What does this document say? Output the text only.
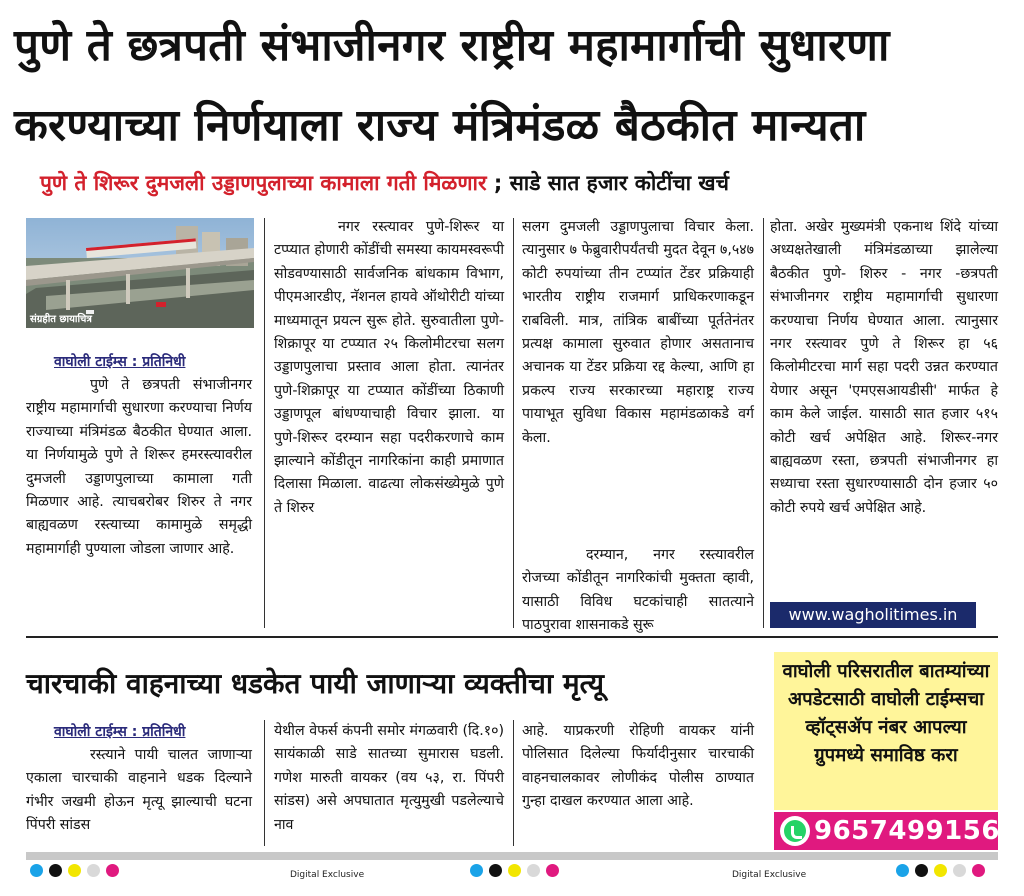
पुणे ते छत्रपती संभाजीनगर राष्ट्रीय महामार्गाची सुधारणा
करण्याच्या निर्णयाला राज्य मंत्रिमंडळ बैठकीत मान्यता
पुणे ते शिरूर दुमजली उड्डाणपुलाच्या कामाला गती मिळणार ; साडे सात हजार कोटींचा खर्च
संग्रहीत छायाचित्र
वाघोली टाईम्स : प्रतिनिधी
पुणे ते छत्रपती संभाजीनगर राष्ट्रीय महामार्गाची सुधारणा करण्याचा निर्णय राज्याच्या मंत्रिमंडळ बैठकीत घेण्यात आला. या निर्णयामुळे पुणे ते शिरूर हमरस्त्यावरील दुमजली उड्डाणपुलाच्या कामाला गती मिळणार आहे. त्याचबरोबर शिरुर ते नगर बाह्यवळण रस्त्याच्या कामामुळे समृद्धी महामार्गाही पुण्याला जोडला जाणार आहे.
नगर रस्त्यावर पुणे-शिरूर या टप्प्यात होणारी कोंडींची समस्या कायमस्वरूपी सोडवण्यासाठी सार्वजनिक बांधकाम विभाग, पीएमआरडीए, नॅशनल हायवे ऑथोरीटी यांच्या माध्यमातून प्रयत्न सुरू होते. सुरुवातीला पुणे-शिक्रापूर या टप्प्यात २५ किलोमीटरचा सलग उड्डाणपुलाचा प्रस्ताव आला होता. त्यानंतर पुणे-शिक्रापूर या टप्प्यात कोंडींच्या ठिकाणी उड्डाणपूल बांधण्याचाही विचार झाला. या पुणे-शिरूर दरम्यान सहा पदरीकरणाचे काम झाल्याने कोंडीतून नागरिकांना काही प्रमाणात दिलासा मिळाला. वाढत्या लोकसंख्येमुळे पुणे ते शिरुर
सलग दुमजली उड्डाणपुलाचा विचार केला. त्यानुसार ७ फेब्रुवारीपर्यंतची मुदत देवून ७,५४७ कोटी रुपयांच्या तीन टप्प्यांत टेंडर प्रक्रियाही भारतीय राष्ट्रीय राजमार्ग प्राधिकरणाकडून राबविली. मात्र, तांत्रिक बाबींच्या पूर्ततेनंतर प्रत्यक्ष कामाला सुरुवात होणार असतानाच अचानक या टेंडर प्रक्रिया रद्द केल्या, आणि हा प्रकल्प राज्य सरकारच्या महाराष्ट्र राज्य पायाभूत सुविधा विकास महामंडळाकडे वर्ग केला.
दरम्यान, नगर रस्त्यावरील रोजच्या कोंडीतून नागरिकांची मुक्तता व्हावी, यासाठी विविध घटकांचाही सातत्याने पाठपुरावा शासनाकडे सुरू
होता. अखेर मुख्यमंत्री एकनाथ शिंदे यांच्या अध्यक्षतेखाली मंत्रिमंडळाच्या झालेल्या बैठकीत पुणे- शिरुर - नगर -छत्रपती संभाजीनगर राष्ट्रीय महामार्गाची सुधारणा करण्याचा निर्णय घेण्यात आला. त्यानुसार नगर रस्त्यावर पुणे ते शिरूर हा ५६ किलोमीटरचा मार्ग सहा पदरी उन्नत करण्यात येणार असून 'एमएसआयडीसी' मार्फत हे काम केले जाईल. यासाठी सात हजार ५१५ कोटी खर्च अपेक्षित आहे. शिरूर-नगर बाह्यवळण रस्ता, छत्रपती संभाजीनगर हा सध्याचा रस्ता सुधारण्यासाठी दोन हजार ५० कोटी रुपये खर्च अपेक्षित आहे.
www.wagholitimes.in
चारचाकी वाहनाच्या धडकेत पायी जाणाऱ्या व्यक्तीचा मृत्यू
वाघोली टाईम्स : प्रतिनिधी
रस्त्याने पायी चालत जाणाऱ्या एकाला चारचाकी वाहनाने धडक दिल्याने गंभीर जखमी होऊन मृत्यू झाल्याची घटना पिंपरी सांडस
येथील वेफर्स कंपनी समोर मंगळवारी (दि.१०) सायंकाळी साडे सातच्या सुमारास घडली. गणेश मारुती वायकर (वय ५३, रा. पिंपरी सांडस) असे अपघातात मृत्युमुखी पडलेल्याचे नाव
आहे. याप्रकरणी रोहिणी वायकर यांनी पोलिसात दिलेल्या फिर्यादीनुसार चारचाकी वाहनचालकावर लोणीकंद पोलीस ठाण्यात गुन्हा दाखल करण्यात आला आहे.
वाघोली परिसरातील बातम्यांच्या अपडेटसाठी वाघोली टाईम्सचा व्हॉट्सॲप नंबर आपल्या ग्रुपमध्ये समाविष्ठ करा
9657499156
Digital Exclusive	Digital Exclusive
